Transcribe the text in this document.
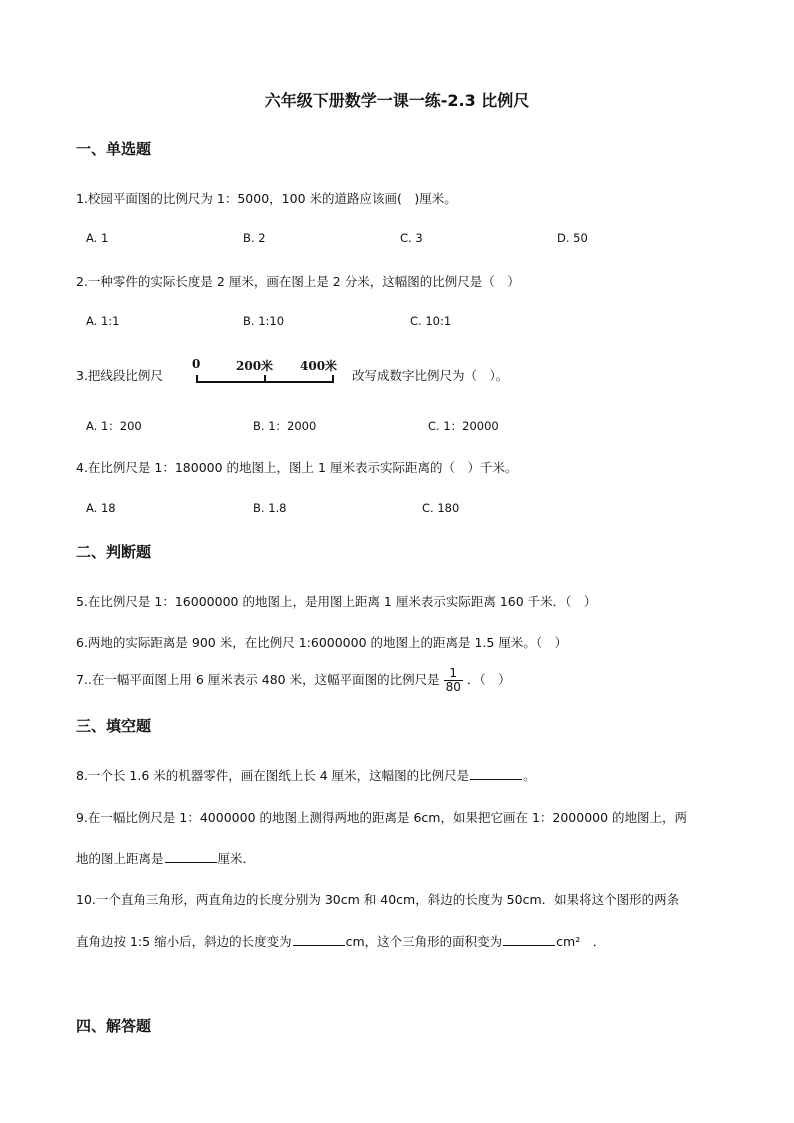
六年级下册数学一课一练-2.3 比例尺
一、单选题
1.校园平面图的比例尺为 1：5000，100 米的道路应该画(　)厘米。
A. 1	B. 2	C. 3	D. 50
2.一种零件的实际长度是 2 厘米，画在图上是 2 分米，这幅图的比例尺是（　）
A. 1:1	B. 1:10	C. 10:1
3.把线段比例尺
0	200米 400米
改写成数字比例尺为（　）。
A. 1：200	B. 1：2000	C. 1：20000
4.在比例尺是 1：180000 的地图上，图上 1 厘米表示实际距离的（　）千米。
A. 18	B. 1.8	C. 180
二、判断题
5.在比例尺是 1：16000000 的地图上，是用图上距离 1 厘米表示实际距离 160 千米．（　）
6.两地的实际距离是 900 米，在比例尺 1:6000000 的地图上的距离是 1.5 厘米。（　）
7..在一幅平面图上用 6 厘米表示 480 米，这幅平面图的比例尺是 $\frac{1}{80}$ ．（　）
三、填空题
8.一个长 1.6 米的机器零件，画在图纸上长 4 厘米，这幅图的比例尺是	。
9.在一幅比例尺是 1：4000000 的地图上测得两地的距离是 6cm，如果把它画在 1：2000000 的地图上，两
地的图上距离是	厘米．
10.一个直角三角形，两直角边的长度分别为 30cm 和 40cm，斜边的长度为 50cm．如果将这个图形的两条
直角边按 1:5 缩小后，斜边的长度变为	cm，这个三角形的面积变为	cm²　．
四、解答题
